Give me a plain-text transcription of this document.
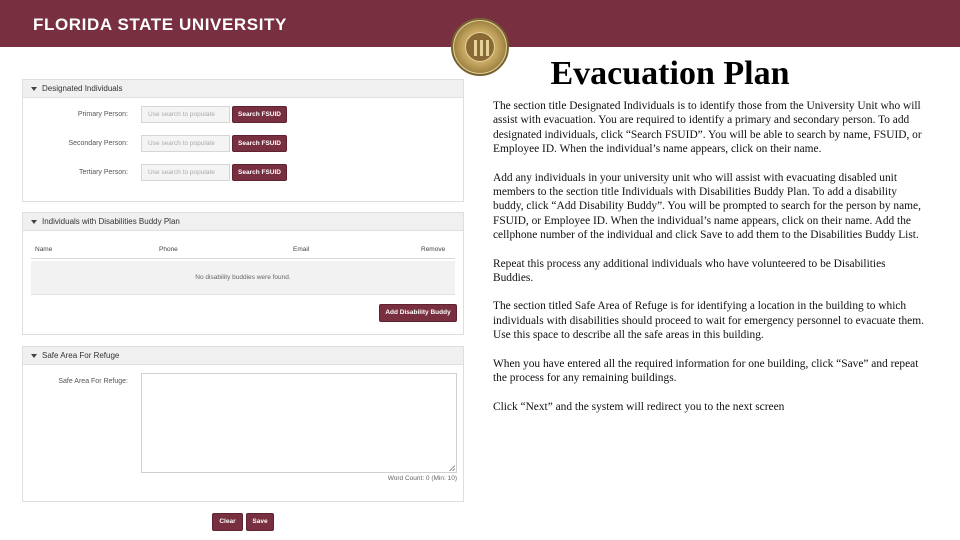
FLORIDA STATE UNIVERSITY
Evacuation Plan

The section title Designated Individuals is to identify those from the University Unit who will assist with evacuation. You are required to identify a primary and secondary person. To add designated individuals, click “Search FSUID”. You will be able to search by name, FSUID, or Employee ID. When the individual’s name appears, click on their name.

Add any individuals in your university unit who will assist with evacuating disabled unit members to the section title Individuals with Disabilities Buddy Plan. To add a disability buddy, click “Add Disability Buddy”. You will be prompted to search for the person by name, FSUID, or Employee ID. When the individual’s name appears, click on their name. Add the cellphone number of the individual and click Save to add them to the Disabilities Buddy List.

Repeat this process any additional individuals who have volunteered to be Disabilities Buddies.

The section titled Safe Area of Refuge is for identifying a location in the building to which individuals with disabilities should proceed to wait for emergency personnel to evacuate them. Use this space to describe all the safe areas in this building.

When you have entered all the required information for one building, click “Save” and repeat the process for any remaining buildings.

Click “Next” and the system will redirect you to the next screen

Designated Individuals
Primary Person:	Use search to populate	Search FSUID
Secondary Person:	Use search to populate	Search FSUID
Tertiary Person:	Use search to populate	Search FSUID
Individuals with Disabilities Buddy Plan
Name	Phone	Email	Remove
No disability buddies were found.
Add Disability Buddy
Safe Area For Refuge
Safe Area For Refuge:
Word Count: 0 (Min: 10)
Clear	Save
